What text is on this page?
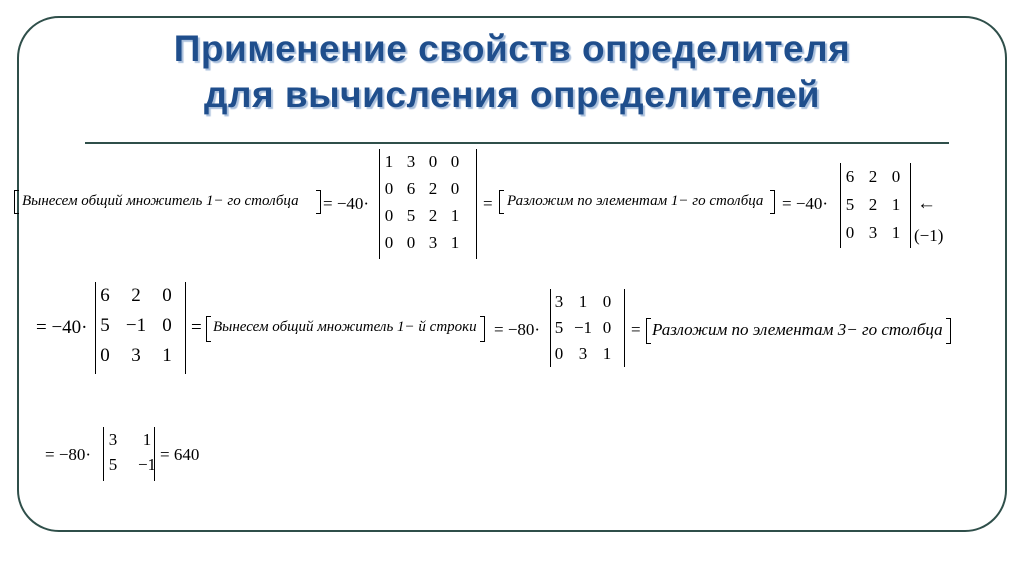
Применение свойств определителя
для вычисления определителей
Вынесем общий множитель 1− го столбца = −40·
1 3 0 0
0 6 2 0
0 5 2 1
0 0 3 1
= Разложим по элементам 1− го столбца = −40·
6 2 0
5 2 1
0 3 1
←
(−1)
= −40·
6	2	0
5 −1 0
0	3	1
= Вынесем общий множитель 1− й строки = −80·
3 1 0
5 −1 0
0 3 1
= Разложим по элементам 3− го столбца
= −80·
3	1
5	−1
= 640
